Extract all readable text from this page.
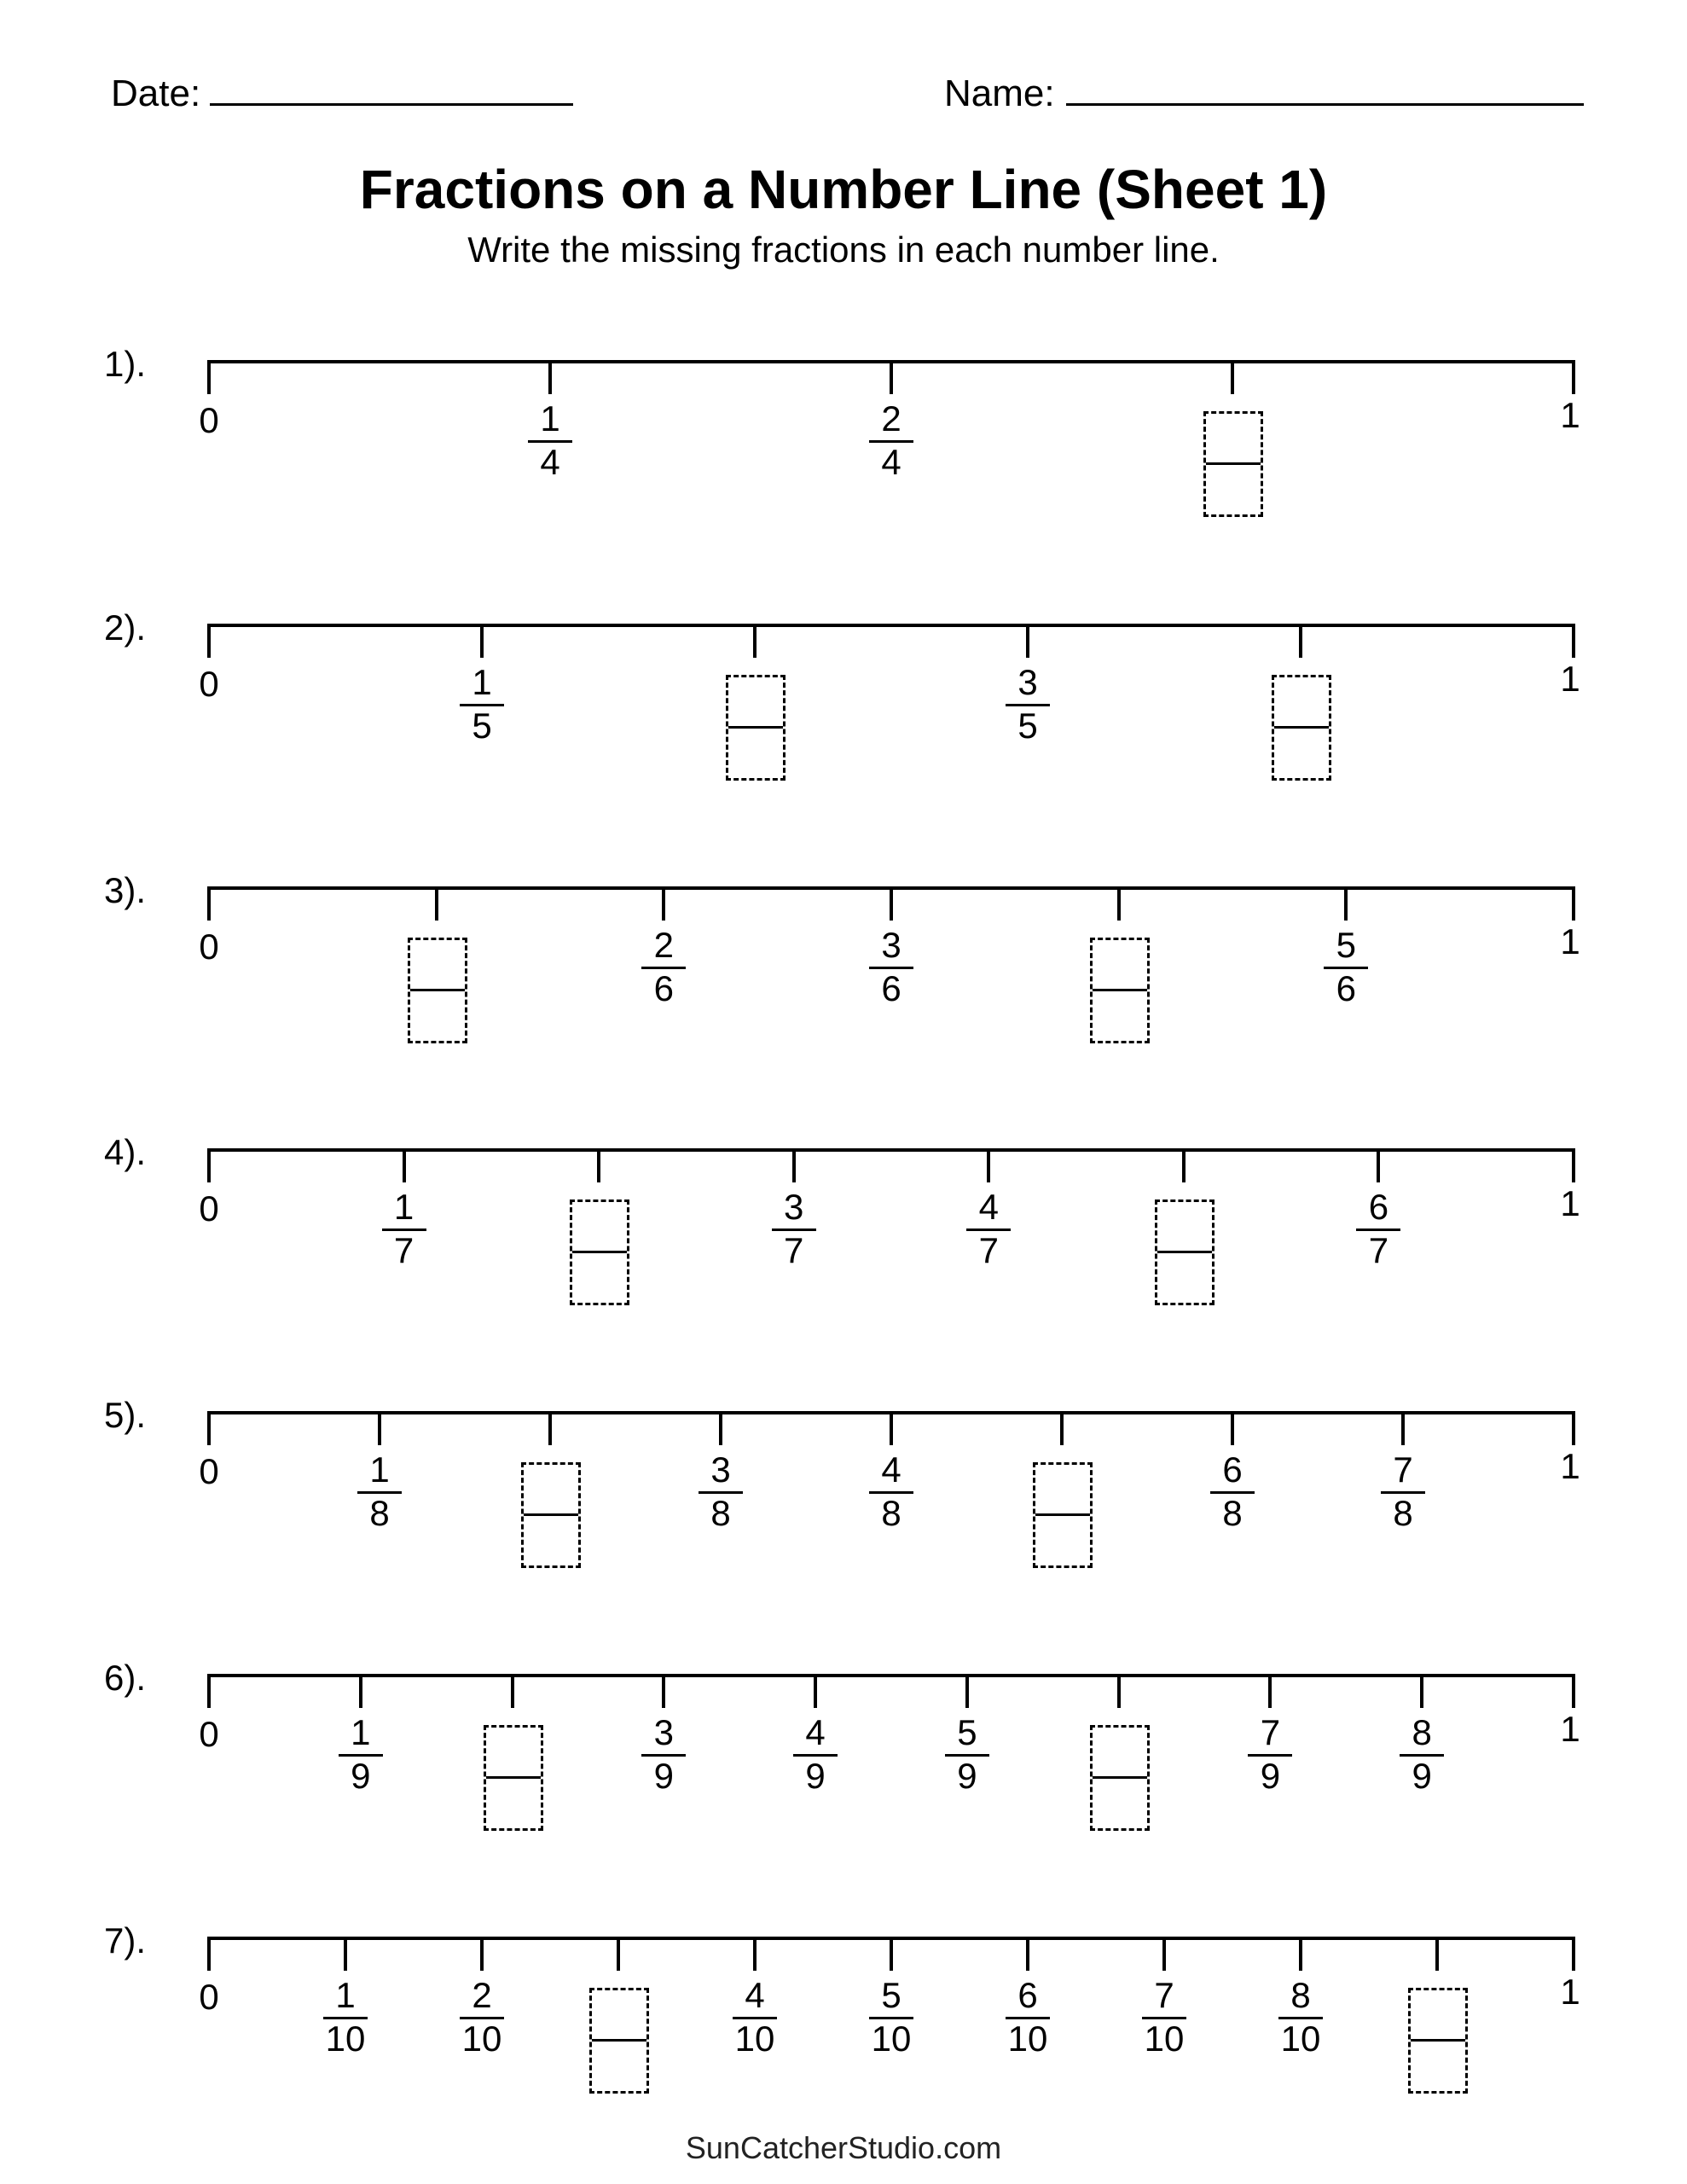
Date:	Name:
Fractions on a Number Line (Sheet 1)
Write the missing fractions in each number line.
1).
0	1
1
4
2
4
2).
0	1
1
5
3
5
3).
0	1
2
6
3
6
5
6
4).
0	1
1
7
3
7
4
7
6
7
5).
0	1
1
8
3
8
4
8
6
8
7
8
6).
0	1
1
9
3
9
4
9
5
9
7
9
8
9
7).
0	1
1
10
2
10
4
10
5
10
6
10
7
10
8
10
SunCatcherStudio.com
